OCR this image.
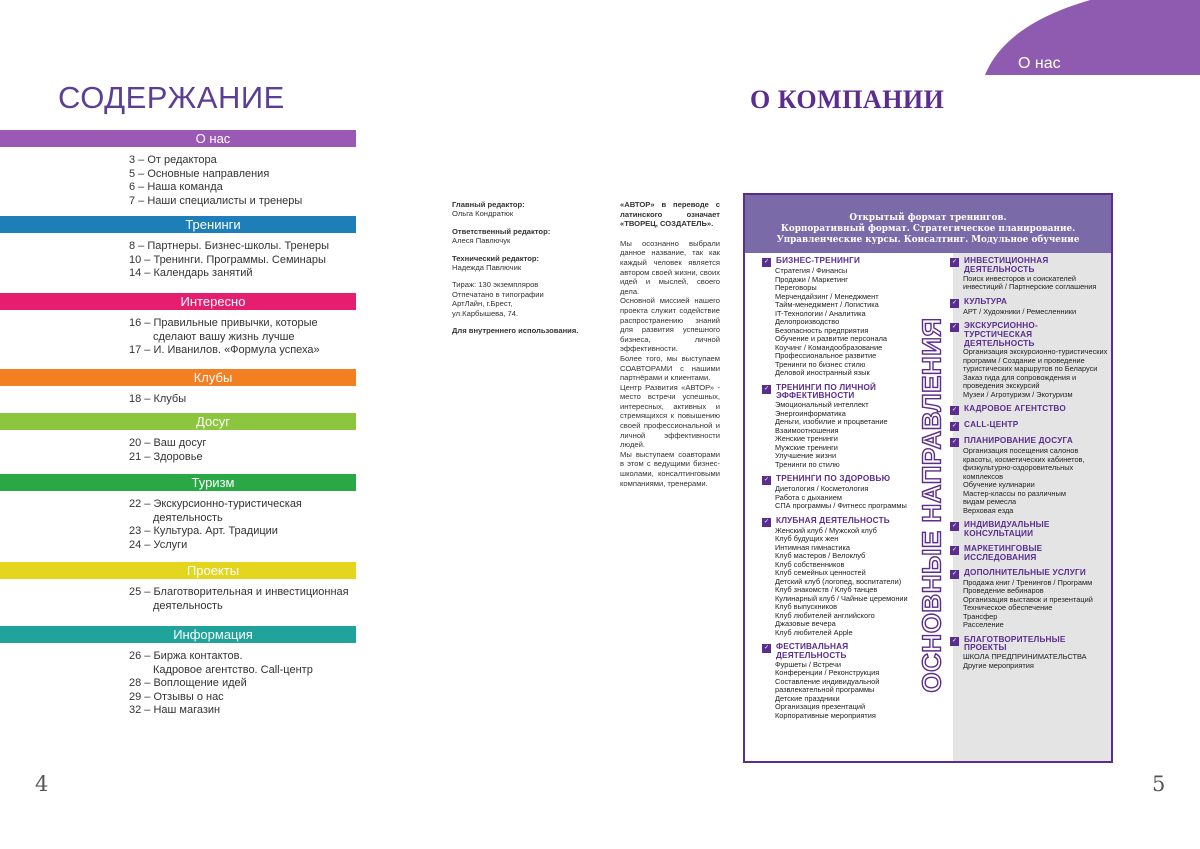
СОДЕРЖАНИЕ
О нас
3 – От редактора
5 – Основные направления
6 – Наша команда
7 – Наши специалисты и тренеры
Тренинги
8 – Партнеры. Бизнес-школы. Тренеры
10 – Тренинги. Программы. Семинары
14 – Календарь занятий
Интересно
16 – Правильные привычки, которые
сделают вашу жизнь лучше
17 – И. Иванилов. «Формула успеха»
Клубы
18 – Клубы
Досуг
20 – Ваш досуг
21 – Здоровье
Туризм
22 – Экскурсионно-туристическая
деятельность
23 – Культура. Арт. Традиции
24 – Услуги
Проекты
25 – Благотворительная и инвестиционная
деятельность
Информация
26 – Биржа контактов.
Кадровое агентство. Call-центр
28 – Воплощение идей
29 – Отзывы о нас
32 – Наш магазин
4
Главный редактор:
Ольга Кондратюк
Ответственный редактор:
Алеся Павлючук
Технический редактор:
Надежда Павлючик
Тираж: 130 экземпляров
Отпечатано в типографии
АртЛайн, г.Брест,
ул.Карбышева, 74.
Для внутреннего использования.
«АВТОР» в переводе с латинского означает «ТВОРЕЦ, СОЗДАТЕЛЬ».
Мы осознанно выбрали данное название, так как каждый человек является автором своей жизни, своих идей и мыслей, своего дела.
Основной миссией нашего проекта служит содействие распространению знаний для развития успешного бизнеса, личной эффективности.
Более того, мы выступаем СОАВТОРАМИ с нашими партнёрами и клиентами.
Центр Развития «АВТОР» - место встречи успешных, интересных, активных и стремящихся к повышению своей профессиональной и личной эффективности людей.
Мы выступаем соавторами в этом с ведущими бизнес-школами, консалтинговыми компаниями, тренерами.
О нас
О КОМПАНИИ
Открытый формат тренингов.
Корпоративный формат. Стратегическое планирование.
Управленческие курсы. Консалтинг. Модульное обучение
ОСНОВНЫЕ НАПРАВЛЕНИЯ
✓ БИЗНЕС-ТРЕНИНГИ
Стратегия / Финансы
Продажи / Маркетинг
Переговоры
Мерчендайзинг / Менеджмент
Тайм-менеджмент / Логистика
IT-Технологии / Аналитика
Делопроизводство
Безопасность предприятия
Обучение и развитие персонала
Коучинг / Командообразование
Профессиональное развитие
Тренинги по бизнес стилю
Деловой иностранный язык
✓ ТРЕНИНГИ ПО ЛИЧНОЙ
ЭФФЕКТИВНОСТИ
Эмоциональный интеллект
Энергоинформатика
Деньги, изобилие и процветание
Взаимоотношения
Женские тренинги
Мужские тренинги
Улучшение жизни
Тренинги по стилю
✓ ТРЕНИНГИ ПО ЗДОРОВЬЮ
Диетология / Косметология
Работа с дыханием
СПА программы / Фитнесс программы
✓ КЛУБНАЯ ДЕЯТЕЛЬНОСТЬ
Женский клуб / Мужской клуб
Клуб будущих жен
Интимная гимнастика
Клуб мастеров / Велоклуб
Клуб собственников
Клуб семейных ценностей
Детский клуб (логопед, воспитатели)
Клуб знакомств / Клуб танцев
Кулинарный клуб / Чайные церемонии
Клуб выпускников
Клуб любителей английского
Джазовые вечера
Клуб любителей Apple
✓ ФЕСТИВАЛЬНАЯ
ДЕЯТЕЛЬНОСТЬ
Фуршеты / Встречи
Конференции / Реконструкция
Составление индивидуальной
развлекательной программы
Детские праздники
Организация презентаций
Корпоративные мероприятия
✓ ИНВЕСТИЦИОННАЯ
ДЕЯТЕЛЬНОСТЬ
Поиск инвесторов и соискателей
инвестиций / Партнерские соглашения
✓ КУЛЬТУРА
АРТ / Художники / Ремесленники
✓ ЭКСКУРСИОННО-
ТУРСТИЧЕСКАЯ
ДЕЯТЕЛЬНОСТЬ
Организация экскурсионно-туристических
программ / Создание и проведение
туристических маршрутов по Беларуси
Заказ гида для сопровождения и
проведения экскурсий
Музеи / Агротуризм / Экотуризм
✓ КАДРОВОЕ АГЕНТСТВО
✓ CALL-ЦЕНТР
✓ ПЛАНИРОВАНИЕ ДОСУГА
Организация посещения салонов
красоты, косметических кабинетов,
физкультурно-оздоровительных
комплексов
Обучение кулинарии
Мастер-классы по различным
видам ремесла
Верховая езда
✓ ИНДИВИДУАЛЬНЫЕ
КОНСУЛЬТАЦИИ
✓ МАРКЕТИНГОВЫЕ
ИССЛЕДОВАНИЯ
✓ ДОПОЛНИТЕЛЬНЫЕ УСЛУГИ
Продажа книг / Тренингов / Программ
Проведение вебинаров
Организация выставок и презентаций
Техническое обеспечение
Трансфер
Расселение
✓ БЛАГОТВОРИТЕЛЬНЫЕ
ПРОЕКТЫ
ШКОЛА ПРЕДПРИНИМАТЕЛЬСТВА
Другие мероприятия
5
